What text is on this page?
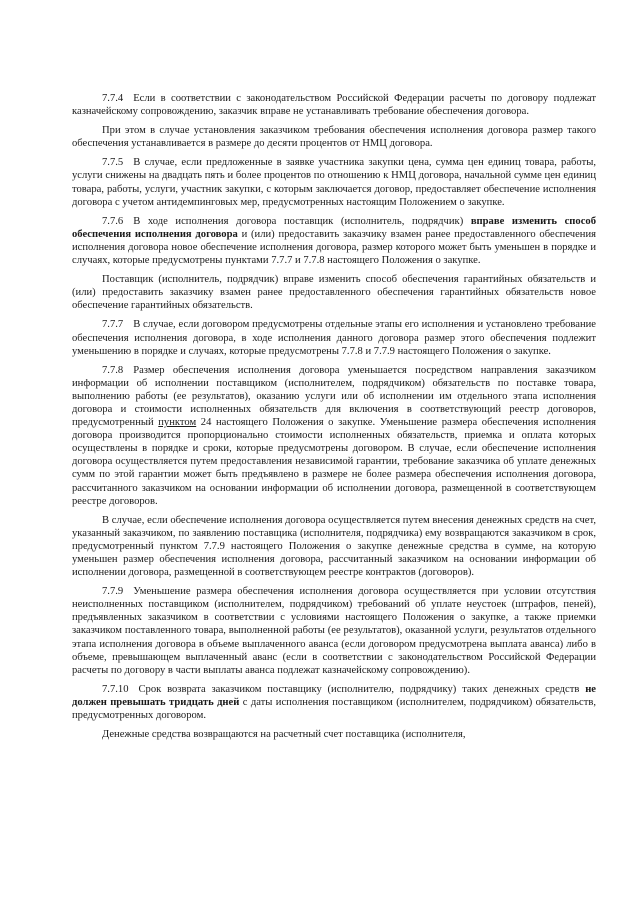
7.7.4 Если в соответствии с законодательством Российской Федерации расчеты по договору подлежат казначейскому сопровождению, заказчик вправе не устанавливать требование обеспечения договора.

При этом в случае установления заказчиком требования обеспечения исполнения договора размер такого обеспечения устанавливается в размере до десяти процентов от НМЦ договора.

7.7.5 В случае, если предложенные в заявке участника закупки цена, сумма цен единиц товара, работы, услуги снижены на двадцать пять и более процентов по отношению к НМЦ договора, начальной сумме цен единиц товара, работы, услуги, участник закупки, с которым заключается договор, предоставляет обеспечение исполнения договора с учетом антидемпинговых мер, предусмотренных настоящим Положением о закупке.

7.7.6 В ходе исполнения договора поставщик (исполнитель, подрядчик) вправе изменить способ обеспечения исполнения договора и (или) предоставить заказчику взамен ранее предоставленного обеспечения исполнения договора новое обеспечение исполнения договора, размер которого может быть уменьшен в порядке и случаях, которые предусмотрены пунктами 7.7.7 и 7.7.8 настоящего Положения о закупке.

Поставщик (исполнитель, подрядчик) вправе изменить способ обеспечения гарантийных обязательств и (или) предоставить заказчику взамен ранее предоставленного обеспечения гарантийных обязательств новое обеспечение гарантийных обязательств.

7.7.7 В случае, если договором предусмотрены отдельные этапы его исполнения и установлено требование обеспечения исполнения договора, в ходе исполнения данного договора размер этого обеспечения подлежит уменьшению в порядке и случаях, которые предусмотрены 7.7.8 и 7.7.9 настоящего Положения о закупке.

7.7.8 Размер обеспечения исполнения договора уменьшается посредством направления заказчиком информации об исполнении поставщиком (исполнителем, подрядчиком) обязательств по поставке товара, выполнению работы (ее результатов), оказанию услуги или об исполнении им отдельного этапа исполнения договора и стоимости исполненных обязательств для включения в соответствующий реестр договоров, предусмотренный пунктом 24 настоящего Положения о закупке. Уменьшение размера обеспечения исполнения договора производится пропорционально стоимости исполненных обязательств, приемка и оплата которых осуществлены в порядке и сроки, которые предусмотрены договором. В случае, если обеспечение исполнения договора осуществляется путем предоставления независимой гарантии, требование заказчика об уплате денежных сумм по этой гарантии может быть предъявлено в размере не более размера обеспечения исполнения договора, рассчитанного заказчиком на основании информации об исполнении договора, размещенной в соответствующем реестре договоров.

В случае, если обеспечение исполнения договора осуществляется путем внесения денежных средств на счет, указанный заказчиком, по заявлению поставщика (исполнителя, подрядчика) ему возвращаются заказчиком в срок, предусмотренный пунктом 7.7.9 настоящего Положения о закупке денежные средства в сумме, на которую уменьшен размер обеспечения исполнения договора, рассчитанный заказчиком на основании информации об исполнении договора, размещенной в соответствующем реестре контрактов (договоров).

7.7.9 Уменьшение размера обеспечения исполнения договора осуществляется при условии отсутствия неисполненных поставщиком (исполнителем, подрядчиком) требований об уплате неустоек (штрафов, пеней), предъявленных заказчиком в соответствии с условиями настоящего Положения о закупке, а также приемки заказчиком поставленного товара, выполненной работы (ее результатов), оказанной услуги, результатов отдельного этапа исполнения договора в объеме выплаченного аванса (если договором предусмотрена выплата аванса) либо в объеме, превышающем выплаченный аванс (если в соответствии с законодательством Российской Федерации расчеты по договору в части выплаты аванса подлежат казначейскому сопровождению).

7.7.10 Срок возврата заказчиком поставщику (исполнителю, подрядчику) таких денежных средств не должен превышать тридцать дней с даты исполнения поставщиком (исполнителем, подрядчиком) обязательств, предусмотренных договором.

Денежные средства возвращаются на расчетный счет поставщика (исполнителя,
